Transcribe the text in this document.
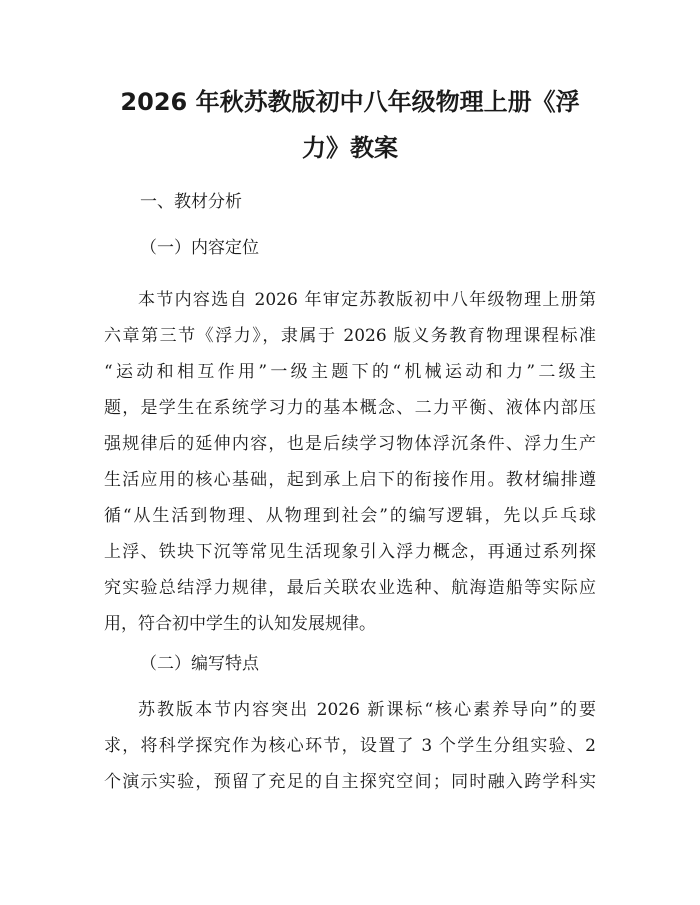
2026 年秋苏教版初中八年级物理上册《浮
力》教案

一、教材分析

（一）内容定位

本节内容选自 2026 年审定苏教版初中八年级物理上册第
六章第三节《浮力》，隶属于 2026 版义务教育物理课程标准
“运动和相互作用”一级主题下的“机械运动和力”二级主
题，是学生在系统学习力的基本概念、二力平衡、液体内部压
强规律后的延伸内容，也是后续学习物体浮沉条件、浮力生产
生活应用的核心基础，起到承上启下的衔接作用。教材编排遵
循“从生活到物理、从物理到社会”的编写逻辑，先以乒乓球
上浮、铁块下沉等常见生活现象引入浮力概念，再通过系列探
究实验总结浮力规律，最后关联农业选种、航海造船等实际应
用，符合初中学生的认知发展规律。

（二）编写特点

苏教版本节内容突出 2026 新课标“核心素养导向”的要
求，将科学探究作为核心环节，设置了 3 个学生分组实验、2
个演示实验，预留了充足的自主探究空间；同时融入跨学科实
